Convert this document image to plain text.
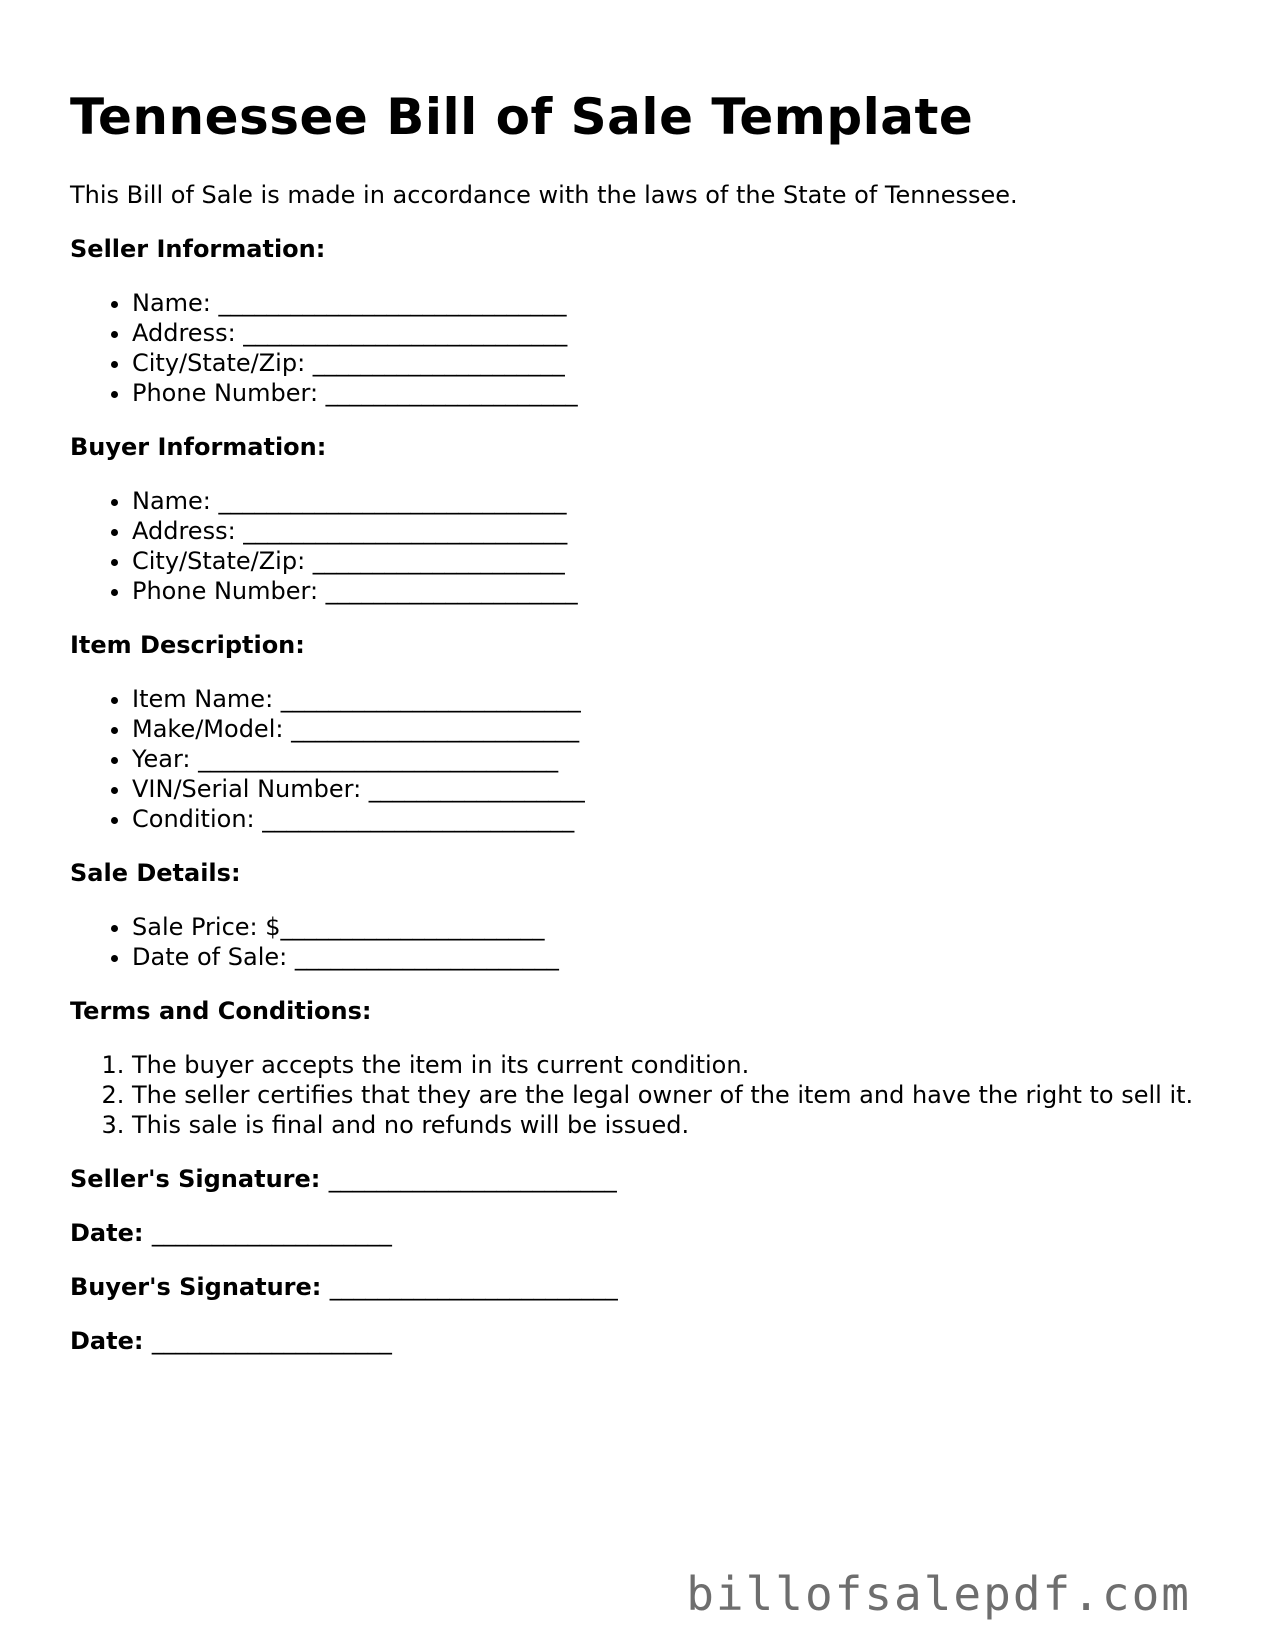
Tennessee Bill of Sale Template

This Bill of Sale is made in accordance with the laws of the State of Tennessee.

Seller Information:
• Name: _____________________________
• Address: ___________________________
• City/State/Zip: _____________________
• Phone Number: _____________________
Buyer Information:
• Name: _____________________________
• Address: ___________________________
• City/State/Zip: _____________________
• Phone Number: _____________________
Item Description:
• Item Name: _________________________
• Make/Model: ________________________
• Year: ______________________________
• VIN/Serial Number: __________________
• Condition: __________________________
Sale Details:
• Sale Price: $______________________
• Date of Sale: ______________________
Terms and Conditions:
1. The buyer accepts the item in its current condition.
2. The seller certifies that they are the legal owner of the item and have the right to sell it.
3. This sale is final and no refunds will be issued.
Seller's Signature: ________________________
Date: ____________________
Buyer's Signature: ________________________
Date: ____________________
billofsalepdf.com
